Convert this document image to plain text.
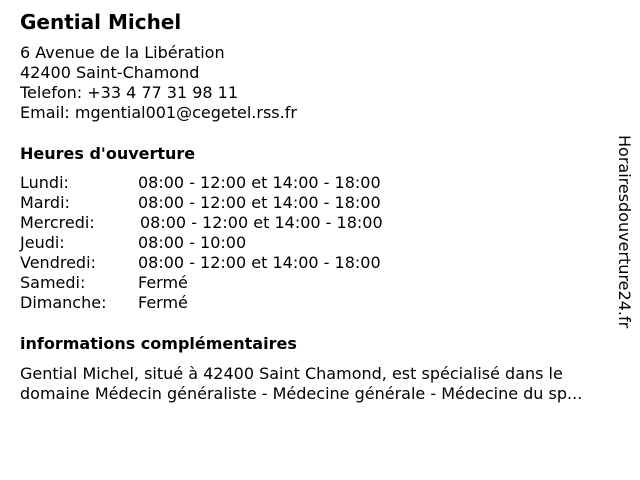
Gential Michel
6 Avenue de la Libération
42400 Saint-Chamond
Telefon: +33 4 77 31 98 11
Email: mgential001@cegetel.rss.fr
Heures d'ouverture
Lundi:	08:00 - 12:00 et 14:00 - 18:00
Mardi:	08:00 - 12:00 et 14:00 - 18:00
Mercredi:	08:00 - 12:00 et 14:00 - 18:00
Jeudi:	08:00 - 10:00
Vendredi:	08:00 - 12:00 et 14:00 - 18:00
Samedi:	Fermé
Dimanche: Fermé
informations complémentaires
Gential Michel, situé à 42400 Saint Chamond, est spécialisé dans le
domaine Médecin généraliste - Médecine générale - Médecine du sp...
Horairesdouverture24.fr
